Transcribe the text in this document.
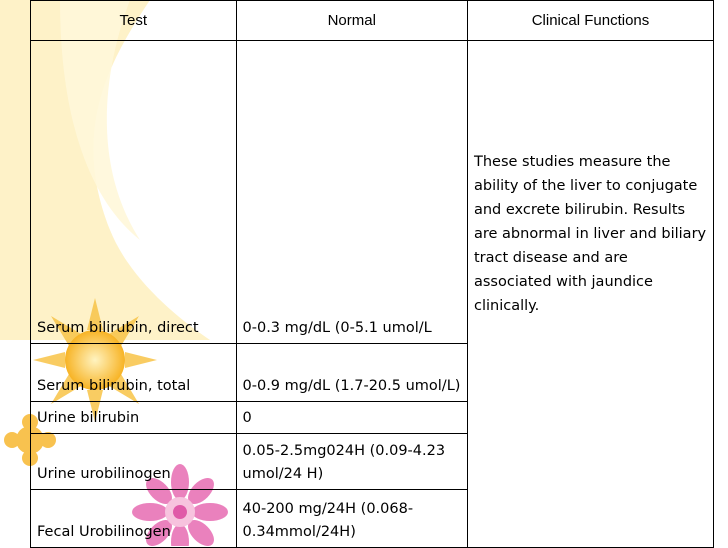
Test	Normal	Clinical Functions
Serum bilirubin, direct	0-0.3 mg/dL (0-5.1 umol/L	These studies measure the ability of the liver to conjugate and excrete bilirubin. Results are abnormal in liver and biliary tract disease and are associated with jaundice clinically.
Serum bilirubin, total	0-0.9 mg/dL (1.7-20.5 umol/L)	
Urine bilirubin	0	
Urine urobilinogen	0.05-2.5mg024H (0.09-4.23 umol/24 H)	
Fecal Urobilinogen	40-200 mg/24H (0.068-0.34mmol/24H)	
